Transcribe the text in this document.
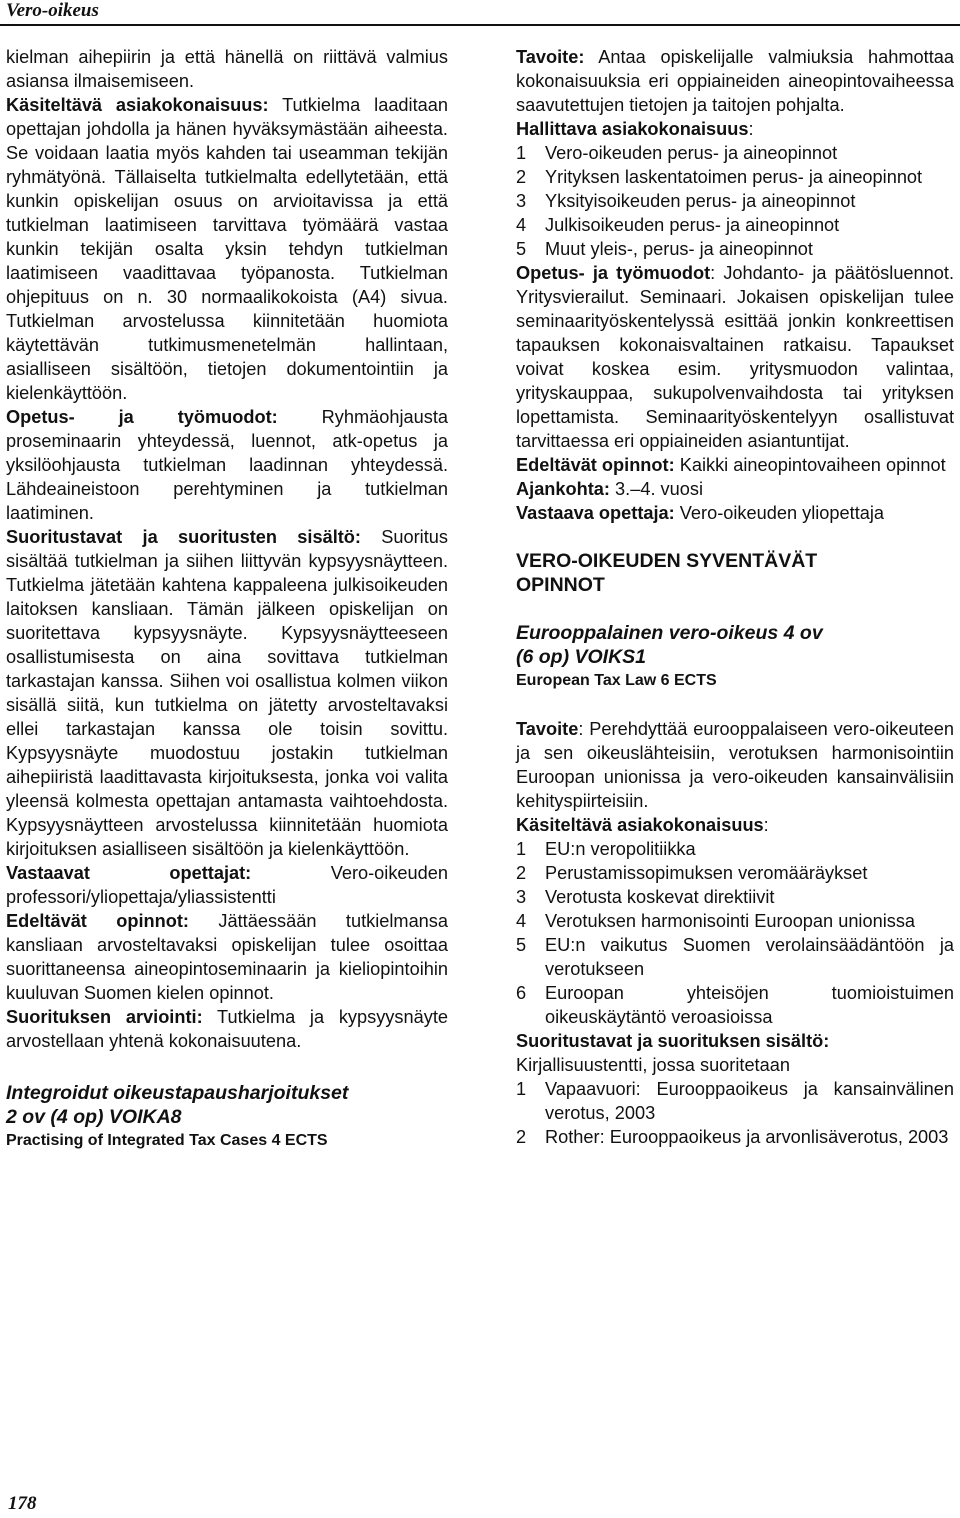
Vero-oikeus

kielman aihepiirin ja että hänellä on riittävä valmius asiansa ilmaisemiseen.

Käsiteltävä asiakokonaisuus: Tutkielma laaditaan opettajan johdolla ja hänen hyväksymästään aiheesta. Se voidaan laatia myös kahden tai useamman tekijän ryhmätyönä. Tällaiselta tutkielmalta edellytetään, että kunkin opiskelijan osuus on arvioitavissa ja että tutkielman laatimiseen tarvittava työmäärä vastaa kunkin tekijän osalta yksin tehdyn tutkielman laatimiseen vaadittavaa työpanosta. Tutkielman ohjepituus on n. 30 normaalikokoista (A4) sivua. Tutkielman arvostelussa kiinnitetään huomiota käytettävän tutkimusmenetelmän hallintaan, asialliseen sisältöön, tietojen dokumentointiin ja kielenkäyttöön.

Opetus- ja työmuodot: Ryhmäohjausta proseminaarin yhteydessä, luennot, atk-opetus ja yksilöohjausta tutkielman laadinnan yhteydessä. Lähdeaineistoon perehtyminen ja tutkielman laatiminen.

Suoritustavat ja suoritusten sisältö: Suoritus sisältää tutkielman ja siihen liittyvän kypsyysnäytteen. Tutkielma jätetään kahtena kappaleena julkisoikeuden laitoksen kansliaan. Tämän jälkeen opiskelijan on suoritettava kypsyysnäyte. Kypsyysnäytteeseen osallistumisesta on aina sovittava tutkielman tarkastajan kanssa. Siihen voi osallistua kolmen viikon sisällä siitä, kun tutkielma on jätetty arvosteltavaksi ellei tarkastajan kanssa ole toisin sovittu. Kypsyysnäyte muodostuu jostakin tutkielman aihepiiristä laadittavasta kirjoituksesta, jonka voi valita yleensä kolmesta opettajan antamasta vaihtoehdosta. Kypsyysnäytteen arvostelussa kiinnitetään huomiota kirjoituksen asialliseen sisältöön ja kielenkäyttöön.

Vastaavat opettajat:	Vero-oikeuden professori/yliopettaja/yliassistentti

Edeltävät opinnot: Jättäessään tutkielmansa kansliaan arvosteltavaksi opiskelijan tulee osoittaa suorittaneensa aineopintoseminaarin ja kieliopintoihin kuuluvan Suomen kielen opinnot.

Suorituksen arviointi: Tutkielma ja kypsyysnäyte arvostellaan yhtenä kokonaisuutena.

Integroidut oikeustapausharjoitukset
2 ov (4 op) VOIKA8

Practising of Integrated Tax Cases 4 ECTS

Tavoite: Antaa opiskelijalle valmiuksia hahmottaa kokonaisuuksia eri oppiaineiden aineopintovaiheessa saavutettujen tietojen ja taitojen pohjalta.

Hallittava asiakokonaisuus:

1	Vero-oikeuden perus- ja aineopinnot
2	Yrityksen laskentatoimen perus- ja aineopinnot
3	Yksityisoikeuden perus- ja aineopinnot
4	Julkisoikeuden perus- ja aineopinnot
5	Muut yleis-, perus- ja aineopinnot

Opetus- ja työmuodot: Johdanto- ja päätösluennot. Yritysvierailut. Seminaari. Jokaisen opiskelijan tulee seminaarityöskentelyssä esittää jonkin konkreettisen tapauksen kokonaisvaltainen ratkaisu. Tapaukset voivat koskea esim. yritysmuodon valintaa, yrityskauppaa, sukupolvenvaihdosta tai yrityksen lopettamista. Seminaarityöskentelyyn osallistuvat tarvittaessa eri oppiaineiden asiantuntijat.

Edeltävät opinnot: Kaikki aineopintovaiheen opinnot

Ajankohta: 3.–4. vuosi

Vastaava opettaja: Vero-oikeuden yliopettaja

VERO-OIKEUDEN SYVENTÄVÄT
OPINNOT

Eurooppalainen vero-oikeus 4 ov
(6 op) VOIKS1

European Tax Law 6 ECTS

Tavoite: Perehdyttää eurooppalaiseen vero-oikeuteen ja sen oikeuslähteisiin, verotuksen harmonisointiin Euroopan unionissa ja vero-oikeuden kansainvälisiin kehityspiirteisiin.

Käsiteltävä asiakokonaisuus:

1	EU:n veropolitiikka
2	Perustamissopimuksen veromääräykset
3	Verotusta koskevat direktiivit
4	Verotuksen harmonisointi Euroopan unionissa
5	EU:n vaikutus Suomen verolainsäädäntöön ja verotukseen
6	Euroopan yhteisöjen tuomioistuimen oikeuskäytäntö veroasioissa

Suoritustavat ja suorituksen sisältö:

Kirjallisuustentti, jossa suoritetaan

1	Vapaavuori: Eurooppaoikeus ja kansainvälinen verotus, 2003
2	Rother: Eurooppaoikeus ja arvonlisäverotus, 2003
178
